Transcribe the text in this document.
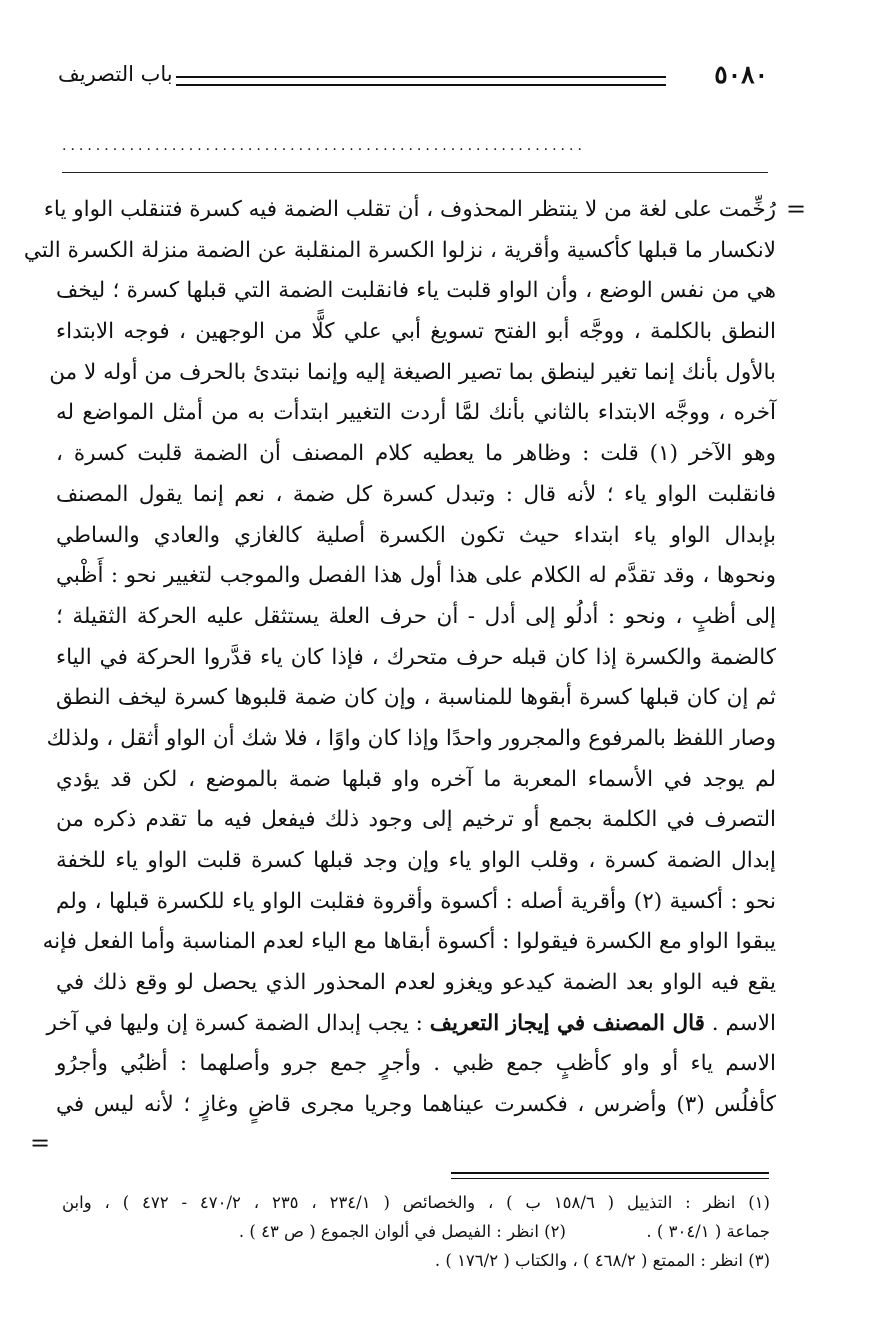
٥٠٨٠
باب التصريف
..............................................................
=
رُخِّمت على لغة من لا ينتظر المحذوف ، أن تقلب الضمة فيه كسرة فتنقلب الواو ياء
لانكسار ما قبلها كأكسية وأقرية ، نزلوا الكسرة المنقلبة عن الضمة منزلة الكسرة التي
هي من نفس الوضع ، وأن الواو قلبت ياء فانقلبت الضمة التي قبلها كسرة ؛ ليخف
النطق بالكلمة ، ووجَّه أبو الفتح تسويغ أبي علي كلًّا من الوجهين ، فوجه الابتداء
بالأول بأنك إنما تغير لينطق بما تصير الصيغة إليه وإنما نبتدئ بالحرف من أوله لا من
آخره ، ووجَّه الابتداء بالثاني بأنك لمَّا أردت التغيير ابتدأت به من أمثل المواضع له
وهو الآخر (١) قلت : وظاهر ما يعطيه كلام المصنف أن الضمة قلبت كسرة ،
فانقلبت الواو ياء ؛ لأنه قال : وتبدل كسرة كل ضمة ، نعم إنما يقول المصنف
بإبدال الواو ياء ابتداء حيث تكون الكسرة أصلية كالغازي والعادي والساطي
ونحوها ، وقد تقدَّم له الكلام على هذا أول هذا الفصل والموجب لتغيير نحو : أَظْبي
إلى أظبٍ ، ونحو : أدلُو إلى أدل - أن حرف العلة يستثقل عليه الحركة الثقيلة ؛
كالضمة والكسرة إذا كان قبله حرف متحرك ، فإذا كان ياء قدَّروا الحركة في الياء
ثم إن كان قبلها كسرة أبقوها للمناسبة ، وإن كان ضمة قلبوها كسرة ليخف النطق
وصار اللفظ بالمرفوع والمجرور واحدًا وإذا كان واوًا ، فلا شك أن الواو أثقل ، ولذلك
لم يوجد في الأسماء المعربة ما آخره واو قبلها ضمة بالموضع ، لكن قد يؤدي
التصرف في الكلمة بجمع أو ترخيم إلى وجود ذلك فيفعل فيه ما تقدم ذكره من
إبدال الضمة كسرة ، وقلب الواو ياء وإن وجد قبلها كسرة قلبت الواو ياء للخفة
نحو : أكسية (٢) وأقرية أصله : أكسوة وأقروة فقلبت الواو ياء للكسرة قبلها ، ولم
يبقوا الواو مع الكسرة فيقولوا : أكسوة أبقاها مع الياء لعدم المناسبة وأما الفعل فإنه
يقع فيه الواو بعد الضمة كيدعو ويغزو لعدم المحذور الذي يحصل لو وقع ذلك في
الاسم . قال المصنف في إيجاز التعريف : يجب إبدال الضمة كسرة إن وليها في آخر
الاسم ياء أو واو كأظبٍ جمع ظبي . وأجرٍ جمع جرو وأصلهما : أظبُي وأجرُو
كأفلُس (٣) وأضرس ، فكسرت عيناهما وجريا مجرى قاضٍ وغازٍ ؛ لأنه ليس في
=
(١) انظر : التذييل ( ١٥٨/٦ ب ) ، والخصائص ( ٢٣٤/١ ، ٢٣٥ ، ٤٧٠/٢ - ٤٧٢ ) ، وابن
جماعة ( ٣٠٤/١ ) .  (٢) انظر : الفيصل في ألوان الجموع ( ص ٤٣ ) .
(٣) انظر : الممتع ( ٤٦٨/٢ ) ، والكتاب ( ١٧٦/٢ ) .
